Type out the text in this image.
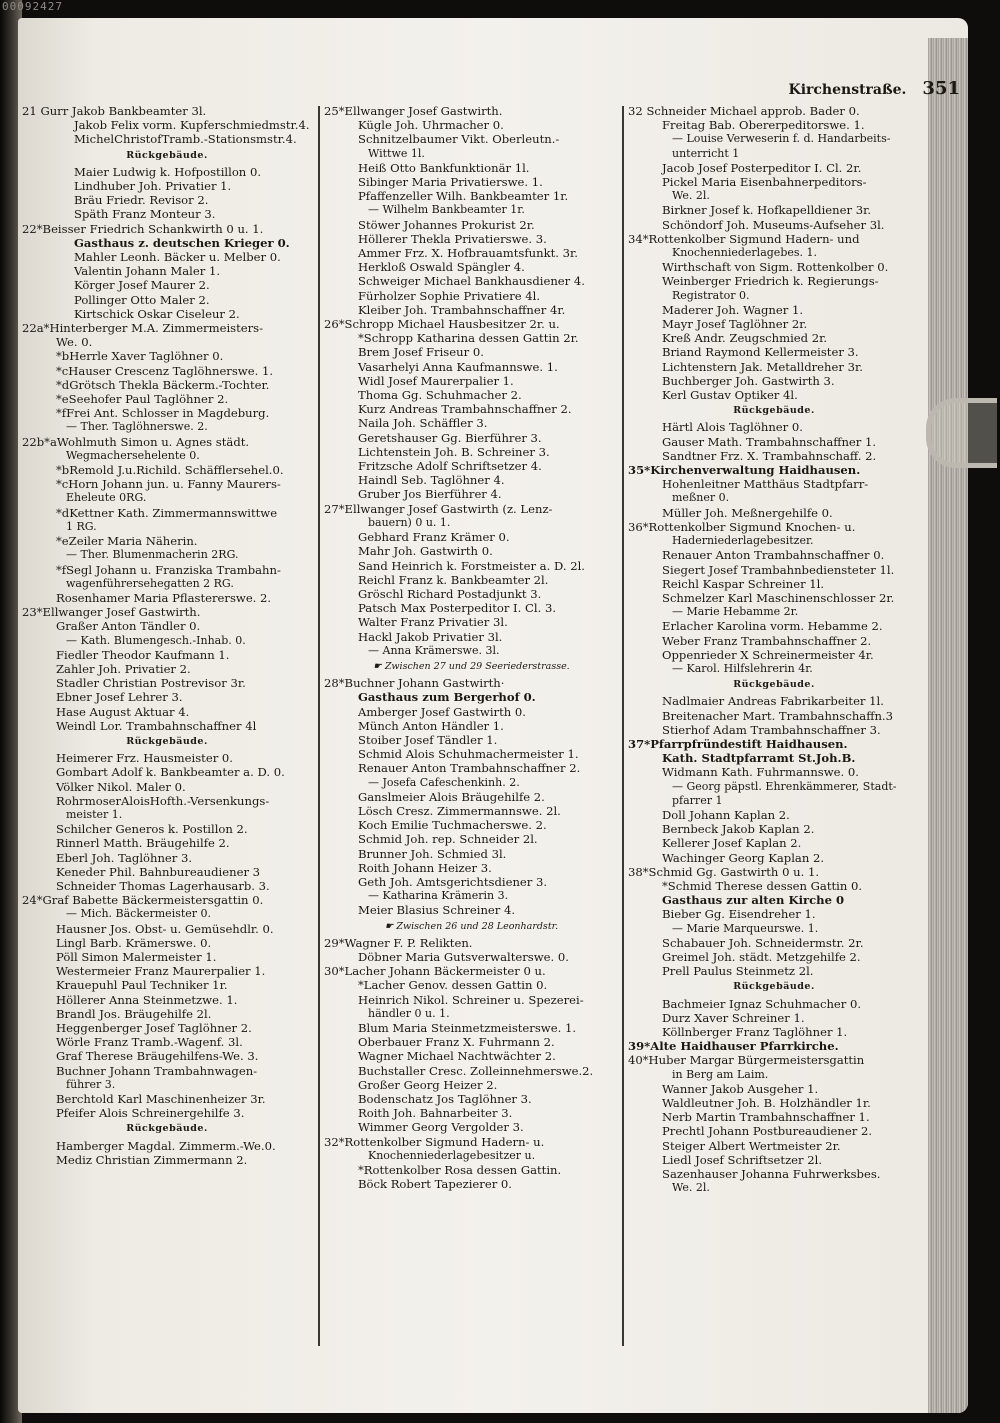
00092427
Kirchenstraße. 351
21 Gurr Jakob Bankbeamter 3l.
Jakob Felix vorm. Kupferschmiedmstr.4.
MichelChristofTramb.-Stationsmstr.4.
Rückgebäude.
Maier Ludwig k. Hofpostillon 0.
Lindhuber Joh. Privatier 1.
Bräu Friedr. Revisor 2.
Späth Franz Monteur 3.
22*Beisser Friedrich Schankwirth 0 u. 1.
Gasthaus z. deutschen Krieger 0.
Mahler Leonh. Bäcker u. Melber 0.
Valentin Johann Maler 1.
Körger Josef Maurer 2.
Pollinger Otto Maler 2.
Kirtschick Oskar Ciseleur 2.
22a*Hinterberger M.A. Zimmermeisters-
We. 0.
*bHerrle Xaver Taglöhner 0.
*cHauser Crescenz Taglöhnerswe. 1.
*dGrötsch Thekla Bäckerm.-Tochter.
*eSeehofer Paul Taglöhner 2.
*fFrei Ant. Schlosser in Magdeburg.
— Ther. Taglöhnerswe. 2.
22b*aWohlmuth Simon u. Agnes städt.
Wegmachersehelente 0.
*bRemold J.u.Richild. Schäfflersehel.0.
*cHorn Johann jun. u. Fanny Maurers-
Eheleute 0RG.
*dKettner Kath. Zimmermannswittwe
1 RG.
*eZeiler Maria Näherin.
— Ther. Blumenmacherin 2RG.
*fSegl Johann u. Franziska Trambahn-
wagenführersehegatten 2 RG.
Rosenhamer Maria Pflastererswe. 2.
23*Ellwanger Josef Gastwirth.
Graßer Anton Tändler 0.
— Kath. Blumengesch.-Inhab. 0.
Fiedler Theodor Kaufmann 1.
Zahler Joh. Privatier 2.
Stadler Christian Postrevisor 3r.
Ebner Josef Lehrer 3.
Hase August Aktuar 4.
Weindl Lor. Trambahnschaffner 4l
Rückgebäude.
Heimerer Frz. Hausmeister 0.
Gombart Adolf k. Bankbeamter a. D. 0.
Völker Nikol. Maler 0.
RohrmoserAloisHofth.-Versenkungs-
meister 1.
Schilcher Generos k. Postillon 2.
Rinnerl Matth. Bräugehilfe 2.
Eberl Joh. Taglöhner 3.
Keneder Phil. Bahnbureaudiener 3
Schneider Thomas Lagerhausarb. 3.
24*Graf Babette Bäckermeistersgattin 0.
— Mich. Bäckermeister 0.
Hausner Jos. Obst- u. Gemüsehdlr. 0.
Lingl Barb. Krämerswe. 0.
Pöll Simon Malermeister 1.
Westermeier Franz Maurerpalier 1.
Krauepuhl Paul Techniker 1r.
Höllerer Anna Steinmetzwe. 1.
Brandl Jos. Bräugehilfe 2l.
Heggenberger Josef Taglöhner 2.
Wörle Franz Tramb.-Wagenf. 3l.
Graf Therese Bräugehilfens-We. 3.
Buchner Johann Trambahnwagen-
führer 3.
Berchtold Karl Maschinenheizer 3r.
Pfeifer Alois Schreinergehilfe 3.
Rückgebäude.
Hamberger Magdal. Zimmerm.-We.0.
Mediz Christian Zimmermann 2.
25*Ellwanger Josef Gastwirth.
Kügle Joh. Uhrmacher 0.
Schnitzelbaumer Vikt. Oberleutn.-
Wittwe 1l.
Heiß Otto Bankfunktionär 1l.
Sibinger Maria Privatierswe. 1.
Pfaffenzeller Wilh. Bankbeamter 1r.
— Wilhelm Bankbeamter 1r.
Stöwer Johannes Prokurist 2r.
Höllerer Thekla Privatierswe. 3.
Ammer Frz. X. Hofbrauamtsfunkt. 3r.
Herkloß Oswald Spängler 4.
Schweiger Michael Bankhausdiener 4.
Fürholzer Sophie Privatiere 4l.
Kleiber Joh. Trambahnschaffner 4r.
26*Schropp Michael Hausbesitzer 2r. u.
*Schropp Katharina dessen Gattin 2r.
Brem Josef Friseur 0.
Vasarhelyi Anna Kaufmannswe. 1.
Widl Josef Maurerpalier 1.
Thoma Gg. Schuhmacher 2.
Kurz Andreas Trambahnschaffner 2.
Naila Joh. Schäffler 3.
Geretshauser Gg. Bierführer 3.
Lichtenstein Joh. B. Schreiner 3.
Fritzsche Adolf Schriftsetzer 4.
Haindl Seb. Taglöhner 4.
Gruber Jos Bierführer 4.
27*Ellwanger Josef Gastwirth (z. Lenz-
bauern) 0 u. 1.
Gebhard Franz Krämer 0.
Mahr Joh. Gastwirth 0.
Sand Heinrich k. Forstmeister a. D. 2l.
Reichl Franz k. Bankbeamter 2l.
Gröschl Richard Postadjunkt 3.
Patsch Max Posterpeditor I. Cl. 3.
Walter Franz Privatier 3l.
Hackl Jakob Privatier 3l.
— Anna Krämerswe. 3l.
☛ Zwischen 27 und 29 Seeriederstrasse.
28*Buchner Johann Gastwirth·
Gasthaus zum Bergerhof 0.
Amberger Josef Gastwirth 0.
Münch Anton Händler 1.
Stoiber Josef Tändler 1.
Schmid Alois Schuhmachermeister 1.
Renauer Anton Trambahnschaffner 2.
— Josefa Cafeschenkinh. 2.
Ganslmeier Alois Bräugehilfe 2.
Lösch Cresz. Zimmermannswe. 2l.
Koch Emilie Tuchmacherswe. 2.
Schmid Joh. rep. Schneider 2l.
Brunner Joh. Schmied 3l.
Roith Johann Heizer 3.
Geth Joh. Amtsgerichtsdiener 3.
— Katharina Krämerin 3.
Meier Blasius Schreiner 4.
☛ Zwischen 26 und 28 Leonhardstr.
29*Wagner F. P. Relikten.
Döbner Maria Gutsverwalterswe. 0.
30*Lacher Johann Bäckermeister 0 u.
*Lacher Genov. dessen Gattin 0.
Heinrich Nikol. Schreiner u. Spezerei-
händler 0 u. 1.
Blum Maria Steinmetzmeisterswe. 1.
Oberbauer Franz X. Fuhrmann 2.
Wagner Michael Nachtwächter 2.
Buchstaller Cresc. Zolleinnehmerswe.2.
Großer Georg Heizer 2.
Bodenschatz Jos Taglöhner 3.
Roith Joh. Bahnarbeiter 3.
Wimmer Georg Vergolder 3.
32*Rottenkolber Sigmund Hadern- u.
Knochenniederlagebesitzer u.
*Rottenkolber Rosa dessen Gattin.
Böck Robert Tapezierer 0.
32 Schneider Michael approb. Bader 0.
Freitag Bab. Obererpeditorswe. 1.
— Louise Verweserin f. d. Handarbeits-
unterricht 1
Jacob Josef Posterpeditor I. Cl. 2r.
Pickel Maria Eisenbahnerpeditors-
We. 2l.
Birkner Josef k. Hofkapelldiener 3r.
Schöndorf Joh. Museums-Aufseher 3l.
34*Rottenkolber Sigmund Hadern- und
Knochenniederlagebes. 1.
Wirthschaft von Sigm. Rottenkolber 0.
Weinberger Friedrich k. Regierungs-
Registrator 0.
Maderer Joh. Wagner 1.
Mayr Josef Taglöhner 2r.
Kreß Andr. Zeugschmied 2r.
Briand Raymond Kellermeister 3.
Lichtenstern Jak. Metalldreher 3r.
Buchberger Joh. Gastwirth 3.
Kerl Gustav Optiker 4l.
Rückgebäude.
Härtl Alois Taglöhner 0.
Gauser Math. Trambahnschaffner 1.
Sandtner Frz. X. Trambahnschaff. 2.
35*Kirchenverwaltung Haidhausen.
Hohenleitner Matthäus Stadtpfarr-
meßner 0.
Müller Joh. Meßnergehilfe 0.
36*Rottenkolber Sigmund Knochen- u.
Haderniederlagebesitzer.
Renauer Anton Trambahnschaffner 0.
Siegert Josef Trambahnbediensteter 1l.
Reichl Kaspar Schreiner 1l.
Schmelzer Karl Maschinenschlosser 2r.
— Marie Hebamme 2r.
Erlacher Karolina vorm. Hebamme 2.
Weber Franz Trambahnschaffner 2.
Oppenrieder X Schreinermeister 4r.
— Karol. Hilfslehrerin 4r.
Rückgebäude.
Nadlmaier Andreas Fabrikarbeiter 1l.
Breitenacher Mart. Trambahnschaffn.3
Stierhof Adam Trambahnschaffner 3.
37*Pfarrpfründestift Haidhausen.
Kath. Stadtpfarramt St.Joh.B.
Widmann Kath. Fuhrmannswe. 0.
— Georg päpstl. Ehrenkämmerer, Stadt-
pfarrer 1
Doll Johann Kaplan 2.
Bernbeck Jakob Kaplan 2.
Kellerer Josef Kaplan 2.
Wachinger Georg Kaplan 2.
38*Schmid Gg. Gastwirth 0 u. 1.
*Schmid Therese dessen Gattin 0.
Gasthaus zur alten Kirche 0
Bieber Gg. Eisendreher 1.
— Marie Marqueurswe. 1.
Schabauer Joh. Schneidermstr. 2r.
Greimel Joh. städt. Metzgehilfe 2.
Prell Paulus Steinmetz 2l.
Rückgebäude.
Bachmeier Ignaz Schuhmacher 0.
Durz Xaver Schreiner 1.
Köllnberger Franz Taglöhner 1.
39*Alte Haidhauser Pfarrkirche.
40*Huber Margar Bürgermeistersgattin
in Berg am Laim.
Wanner Jakob Ausgeher 1.
Waldleutner Joh. B. Holzhändler 1r.
Nerb Martin Trambahnschaffner 1.
Prechtl Johann Postbureaudiener 2.
Steiger Albert Wertmeister 2r.
Liedl Josef Schriftsetzer 2l.
Sazenhauser Johanna Fuhrwerksbes.
We. 2l.
